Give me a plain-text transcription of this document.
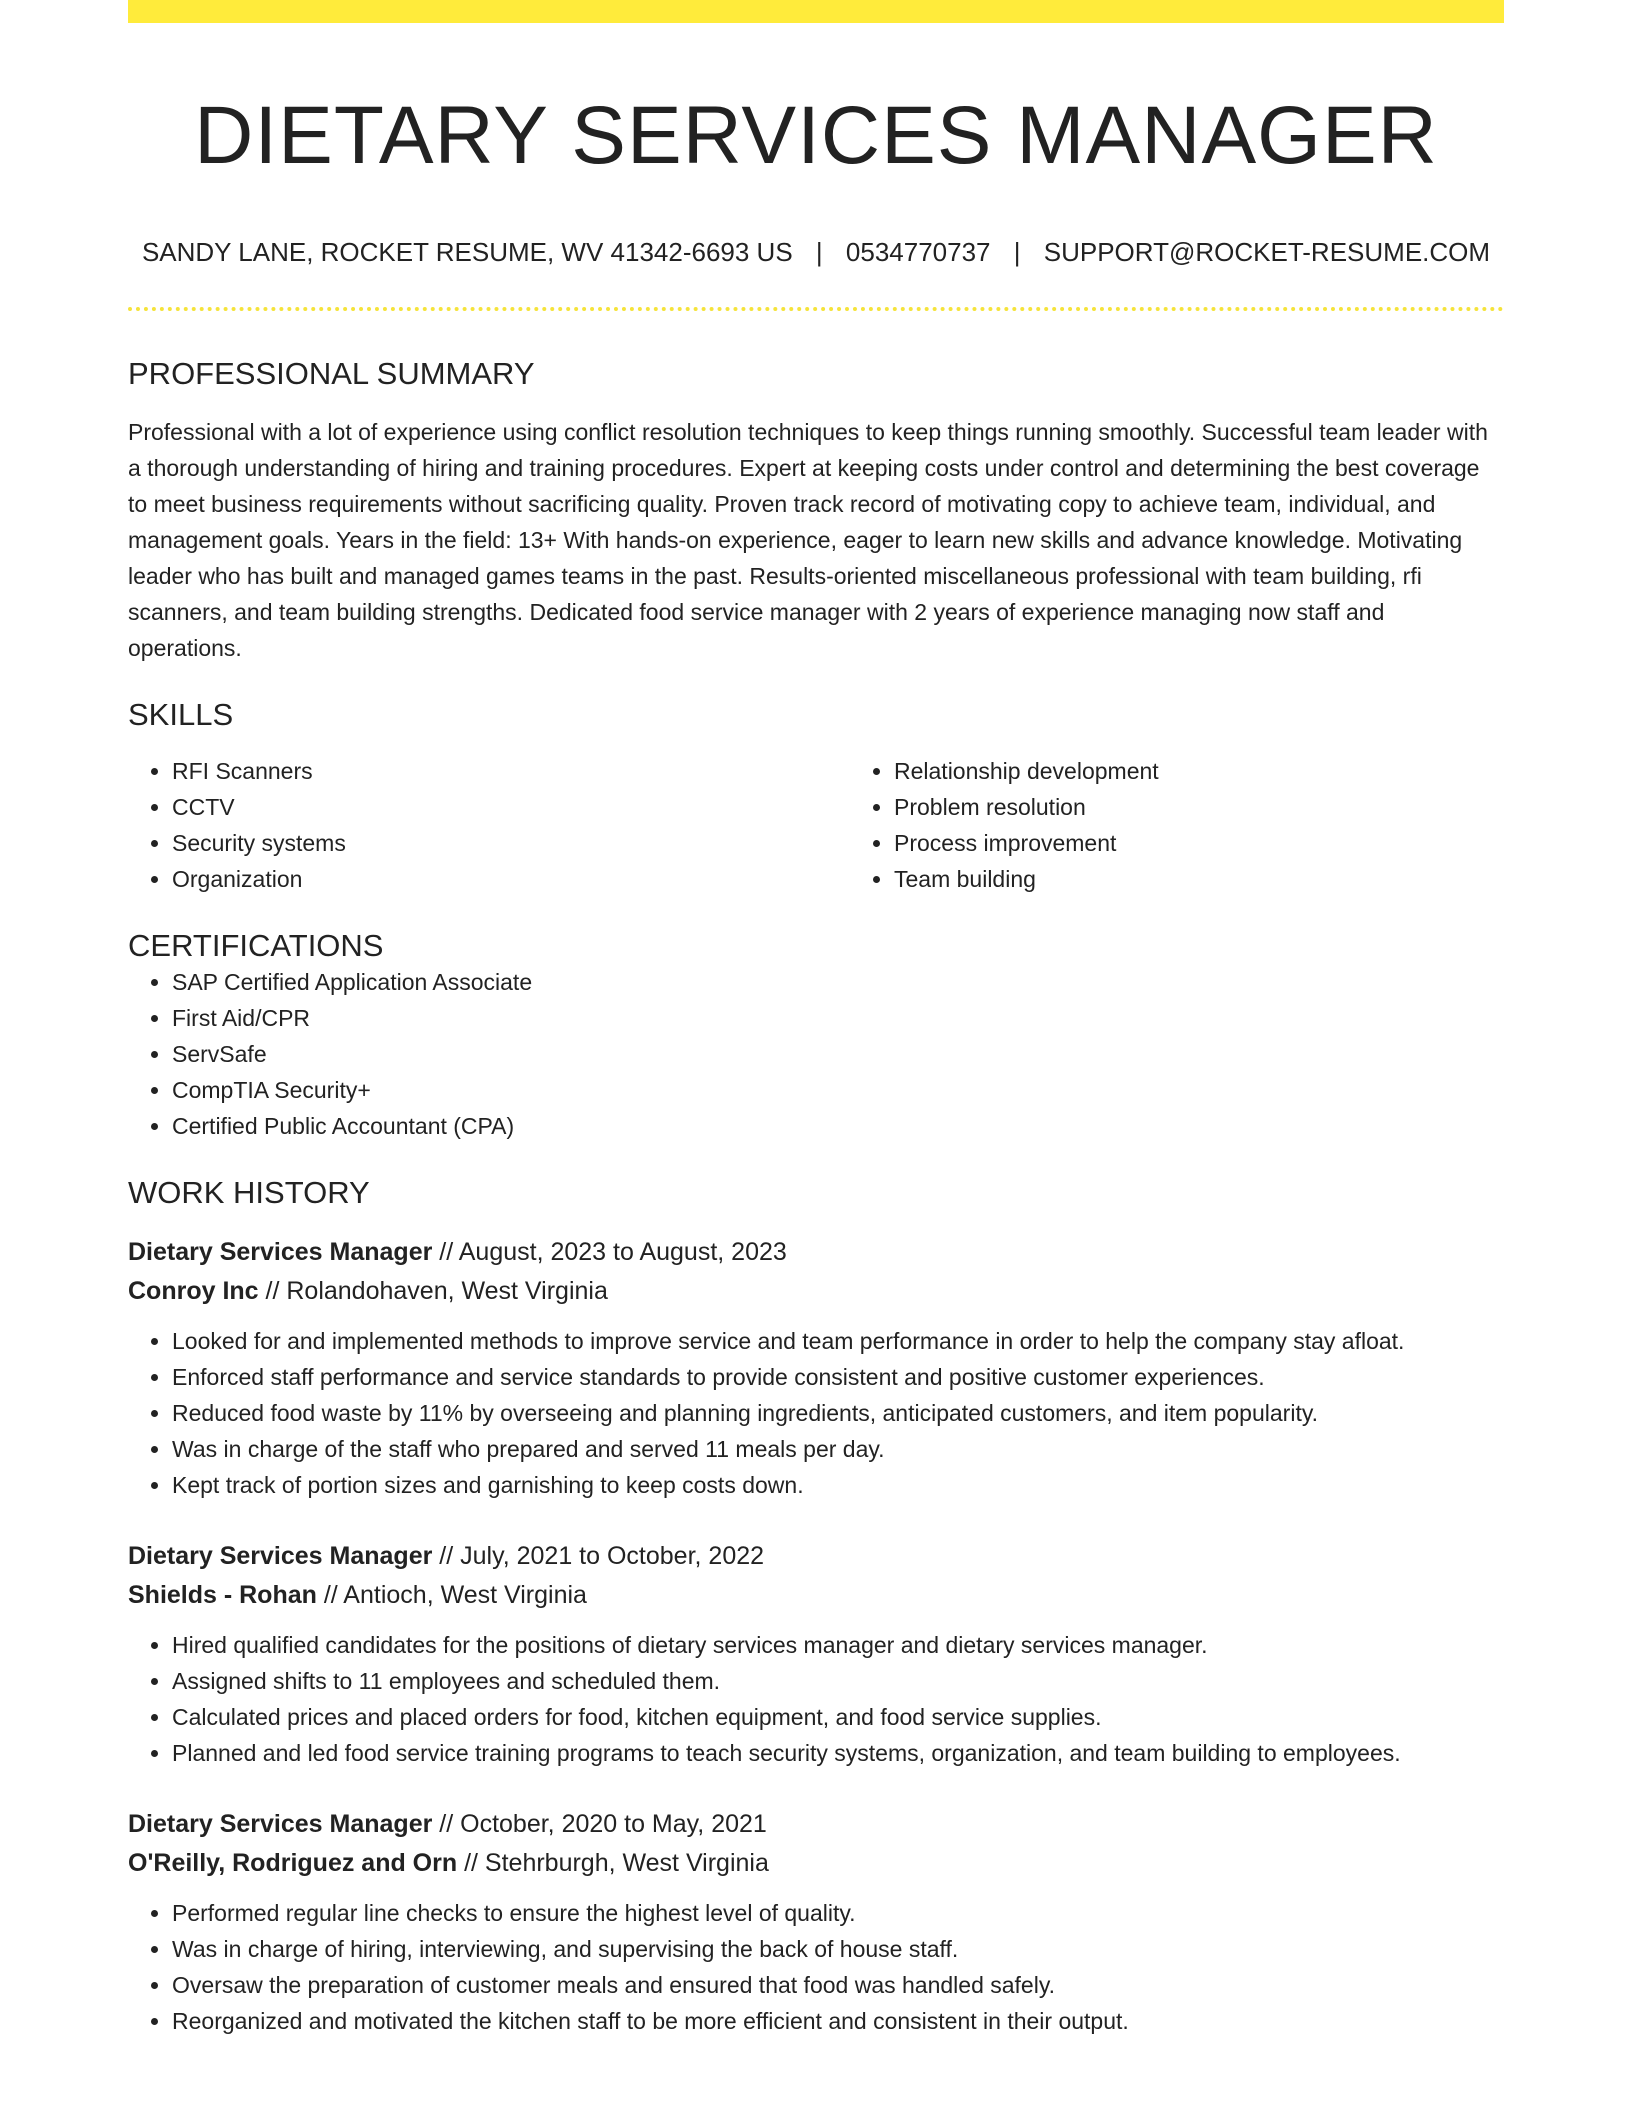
DIETARY SERVICES MANAGER
SANDY LANE, ROCKET RESUME, WV 41342-6693 US | 0534770737 | SUPPORT@ROCKET-RESUME.COM
PROFESSIONAL SUMMARY

Professional with a lot of experience using conflict resolution techniques to keep things running smoothly. Successful team leader with a thorough understanding of hiring and training procedures. Expert at keeping costs under control and determining the best coverage to meet business requirements without sacrificing quality. Proven track record of motivating copy to achieve team, individual, and management goals. Years in the field: 13+ With hands-on experience, eager to learn new skills and advance knowledge. Motivating leader who has built and managed games teams in the past. Results-oriented miscellaneous professional with team building, rfi scanners, and team building strengths. Dedicated food service manager with 2 years of experience managing now staff and operations.

SKILLS
• RFI Scanners
• CCTV
• Security systems
• Organization
• Relationship development
• Problem resolution
• Process improvement
• Team building
CERTIFICATIONS
• SAP Certified Application Associate
• First Aid/CPR
• ServSafe
• CompTIA Security+
• Certified Public Accountant (CPA)
WORK HISTORY
Dietary Services Manager // August, 2023 to August, 2023
Conroy Inc // Rolandohaven, West Virginia
• Looked for and implemented methods to improve service and team performance in order to help the company stay afloat.
• Enforced staff performance and service standards to provide consistent and positive customer experiences.
• Reduced food waste by 11% by overseeing and planning ingredients, anticipated customers, and item popularity.
• Was in charge of the staff who prepared and served 11 meals per day.
• Kept track of portion sizes and garnishing to keep costs down.
Dietary Services Manager // July, 2021 to October, 2022
Shields - Rohan // Antioch, West Virginia
• Hired qualified candidates for the positions of dietary services manager and dietary services manager.
• Assigned shifts to 11 employees and scheduled them.
• Calculated prices and placed orders for food, kitchen equipment, and food service supplies.
• Planned and led food service training programs to teach security systems, organization, and team building to employees.
Dietary Services Manager // October, 2020 to May, 2021
O'Reilly, Rodriguez and Orn // Stehrburgh, West Virginia
• Performed regular line checks to ensure the highest level of quality.
• Was in charge of hiring, interviewing, and supervising the back of house staff.
• Oversaw the preparation of customer meals and ensured that food was handled safely.
• Reorganized and motivated the kitchen staff to be more efficient and consistent in their output.
